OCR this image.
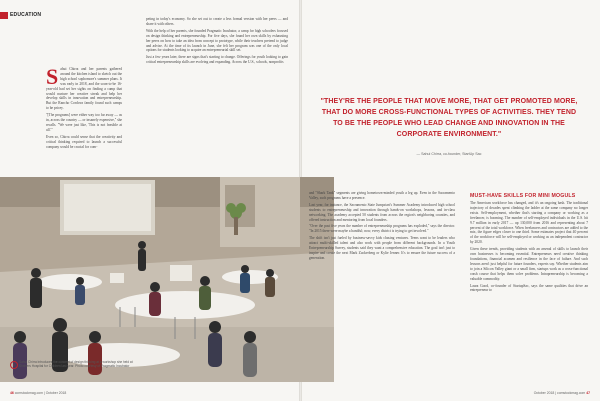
EDUCATION
S ahui Chirra and her parents gathered around the kitchen island to sketch out the high school sophomore's summer plans. It was early in 2018, and the soon-to-be 16-year-old had set her sights on finding a camp that would nurture her creative streak and help her develop skills in innovation and entrepreneurship. But the Rancho Cordova family found such camps to be pricey.

"[The programs] were either way too far away — as in, across the country — or insanely expensive," she recalls. "We were just like, 'This is not feasible at all.'"

Even so, Chirra could sense that the creativity and critical thinking required to launch a successful company would be crucial for com-

peting in today's economy. So she set out to create a less formal version with her peers — and share it with others.

With the help of her parents, she founded Pragmatic Incubator, a camp for high schoolers focused on design thinking and entrepreneurship. For five days, she found her own skills by exhausting her peers on how to take an idea from concept to prototype, while their teachers pretend to judge and advise. At the time of its launch in June, she felt her program was one of the only local options for students looking to acquire an entrepreneurial skill set.

Just a few years later, there are signs that's starting to change. Offerings for youth looking to gain critical entrepreneurship skills are evolving and expanding. Across the U.S., schools, nonprofits

i	Sahui Chirra introduces the concept of design thinking at a workshop she held at Shriners Hospital for Children last year. Photo courtesy of Pragmatic Incubator

and "Shark Tank" segments are giving hometown-minded youth a leg up. Even in the Sacramento Valley, such programs have a presence.

Last year, for instance, the Sacramento State Jumpstart's Summer Academy introduced high school students to entrepreneurship and innovation through hands-on workshops, lessons, and in-class networking. The academy accepted 50 students from across the region's neighboring counties, and offered instruction and mentoring from local founders.

"Over the past five years the number of entrepreneurship programs has exploded," says the director. "In 2015 there were maybe a handful; now, every district is trying to get involved."

The shift isn't just fueled by business-savvy kids chasing ventures. Teens want to be leaders who attract multi-skilled talent and also work with people from different backgrounds. In a Youth Entrepreneurship Survey, students said they want a comprehensive education. The goal isn't just to inspire and create the next Mark Zuckerberg or Kylie Jenner. It's to ensure the future success of a generation.

"THEY'RE THE PEOPLE THAT MOVE MORE, THAT GET PROMOTED MORE, THAT DO MORE CROSS-FUNCTIONAL TYPES OF ACTIVITIES. THEY TEND TO BE THE PEOPLE WHO LEAD CHANGE AND INNOVATION IN THE CORPORATE ENVIRONMENT."
— Sahui Chirra, co-founder, StartUp Sac
MUST-HAVE SKILLS FOR MINI MOGULS

The American workforce has changed, and it's an ongoing bash. The traditional trajectory of decades spent climbing the ladder at the same company no longer exists. Self-employment, whether that's starting a company or working as a freelancer, is booming. The number of self-employed individuals in the U.S. hit 9.7 million in early 2017 — up 130,000 from 2016 and representing about 7 percent of the total workforce. When freelancers and contractors are added to the mix, the figure edges closer to one third. Some estimates project that 40 percent of the workforce will be self-employed or working as an independent contractor by 2020.

Given these trends, providing students with an arsenal of skills to launch their own businesses is becoming essential. Entrepreneurs need creative thinking foundations, financial acumen and resilience in the face of failure. And such lessons aren't just helpful for future founders, experts say. Whether students aim to join a Silicon Valley giant or a small firm, startups work as a cross-functional crash course that helps them solve problems. Intrapreneurship is becoming a valuable commodity.

Laura Good, co-founder of StartupSac, says the same qualities that drive an entrepreneur to

46 comstockmag.com | October 2018	October 2018 | comstockmag.com 47
